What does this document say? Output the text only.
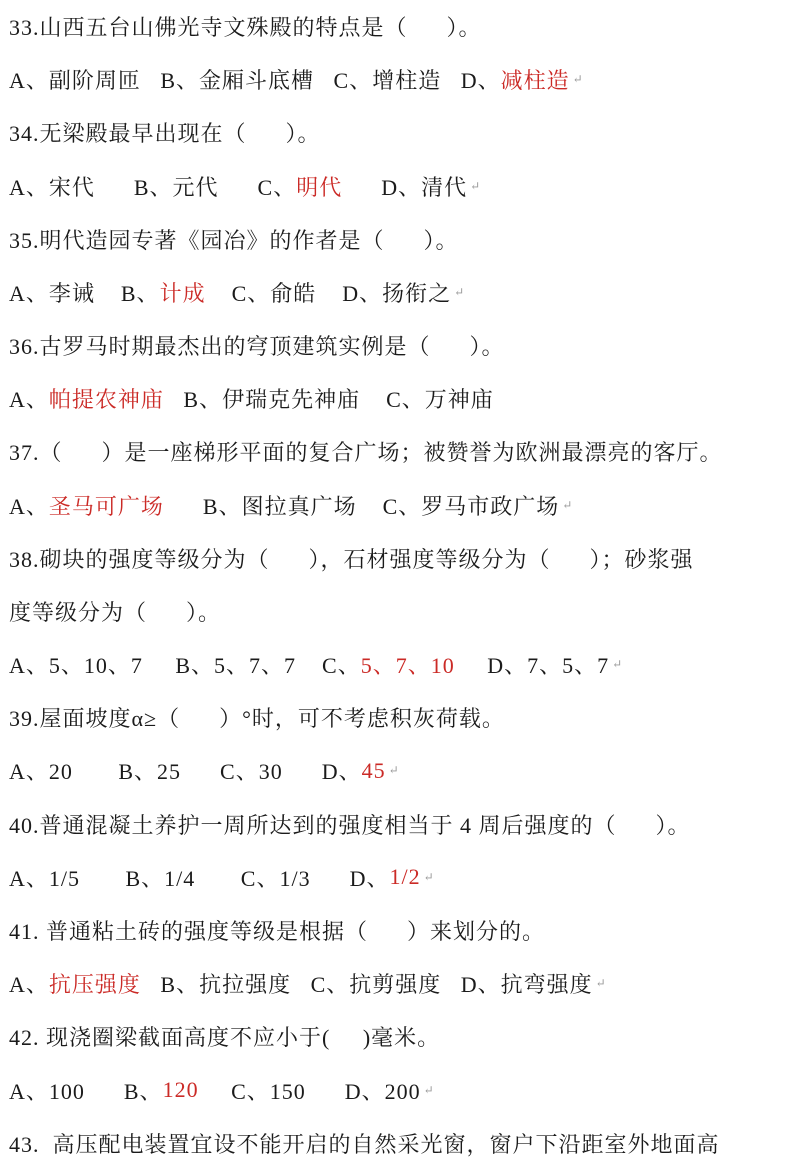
33.山西五台山佛光寺文殊殿的特点是（      ）。
A、副阶周匝   B、金厢斗底槽   C、增柱造   D、 减柱造 ↵
34.无梁殿最早出现在（      ）。
A、宋代      B、元代      C、 明代 D、清代 ↵
35.明代造园专著《园冶》的作者是（      ）。
A、李诫    B、 计成 C、俞皓    D、扬衔之 ↵
36.古罗马时期最杰出的穹顶建筑实例是（      ）。
A、 帕提农神庙 B、伊瑞克先神庙    C、万神庙
37.（      ）是一座梯形平面的复合广场；被赞誉为欧洲最漂亮的客厅。
A、 圣马可广场 B、图拉真广场    C、罗马市政广场 ↵
38.砌块的强度等级分为（      ），石材强度等级分为（      ）；砂浆强
度等级分为（      ）。
A、5、10、7     B、5、7、7    C、 5、7、10 D、7、5、7 ↵
39.屋面坡度α≥（      ）°时，可不考虑积灰荷载。
A、20       B、25      C、30      D、 45 ↵
40.普通混凝土养护一周所达到的强度相当于 4 周后强度的（      ）。
A、1/5       B、1/4       C、1/3      D、 1/2 ↵
41. 普通粘土砖的强度等级是根据（      ）来划分的。
A、 抗压强度 B、抗拉强度   C、抗剪强度   D、抗弯强度 ↵
42. 现浇圈梁截面高度不应小于(     )毫米。
A、100      B、 120 C、150      D、200 ↵
43.  高压配电装置宜设不能开启的自然采光窗，窗户下沿距室外地面高
